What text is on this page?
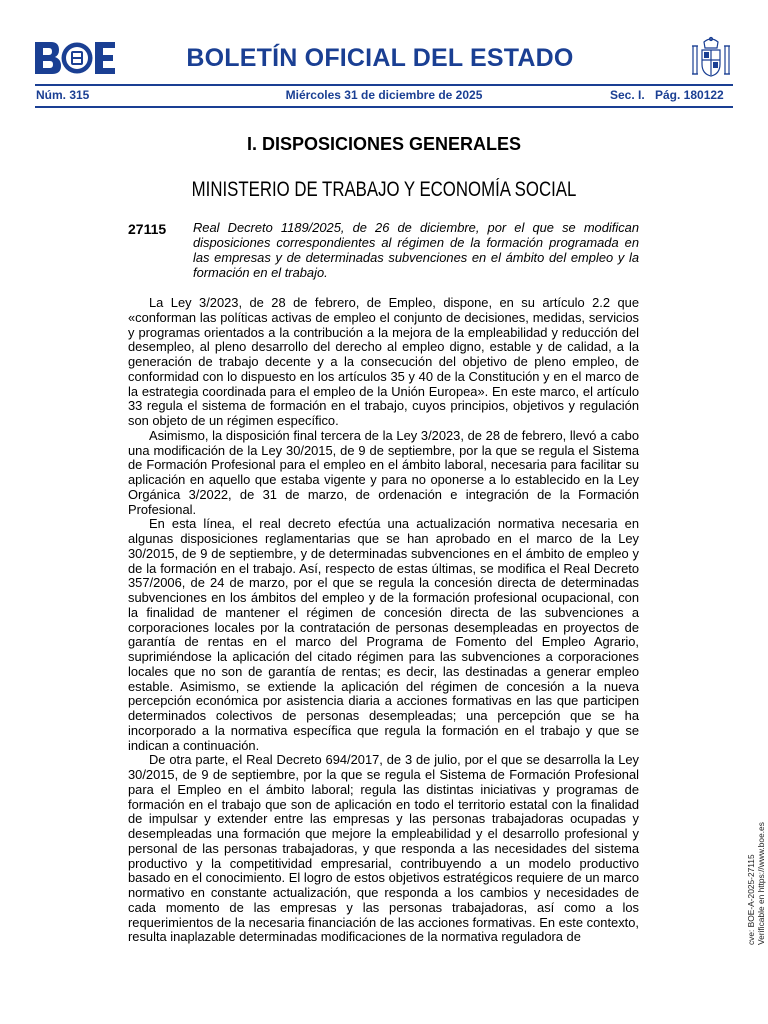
BOLETÍN OFICIAL DEL ESTADO
Núm. 315	Miércoles 31 de diciembre de 2025	Sec. I. Pág. 180122
I. DISPOSICIONES GENERALES
MINISTERIO DE TRABAJO Y ECONOMÍA SOCIAL
27115 Real Decreto 1189/2025, de 26 de diciembre, por el que se modifican disposiciones correspondientes al régimen de la formación programada en las empresas y de determinadas subvenciones en el ámbito del empleo y la formación en el trabajo.

La Ley 3/2023, de 28 de febrero, de Empleo, dispone, en su artículo 2.2 que «conforman las políticas activas de empleo el conjunto de decisiones, medidas, servicios y programas orientados a la contribución a la mejora de la empleabilidad y reducción del desempleo, al pleno desarrollo del derecho al empleo digno, estable y de calidad, a la generación de trabajo decente y a la consecución del objetivo de pleno empleo, de conformidad con lo dispuesto en los artículos 35 y 40 de la Constitución y en el marco de la estrategia coordinada para el empleo de la Unión Europea». En este marco, el artículo 33 regula el sistema de formación en el trabajo, cuyos principios, objetivos y regulación son objeto de un régimen específico.

Asimismo, la disposición final tercera de la Ley 3/2023, de 28 de febrero, llevó a cabo una modificación de la Ley 30/2015, de 9 de septiembre, por la que se regula el Sistema de Formación Profesional para el empleo en el ámbito laboral, necesaria para facilitar su aplicación en aquello que estaba vigente y para no oponerse a lo establecido en la Ley Orgánica 3/2022, de 31 de marzo, de ordenación e integración de la Formación Profesional.

En esta línea, el real decreto efectúa una actualización normativa necesaria en algunas disposiciones reglamentarias que se han aprobado en el marco de la Ley 30/2015, de 9 de septiembre, y de determinadas subvenciones en el ámbito de empleo y de la formación en el trabajo. Así, respecto de estas últimas, se modifica el Real Decreto 357/2006, de 24 de marzo, por el que se regula la concesión directa de determinadas subvenciones en los ámbitos del empleo y de la formación profesional ocupacional, con la finalidad de mantener el régimen de concesión directa de las subvenciones a corporaciones locales por la contratación de personas desempleadas en proyectos de garantía de rentas en el marco del Programa de Fomento del Empleo Agrario, suprimiéndose la aplicación del citado régimen para las subvenciones a corporaciones locales que no son de garantía de rentas; es decir, las destinadas a generar empleo estable. Asimismo, se extiende la aplicación del régimen de concesión a la nueva percepción económica por asistencia diaria a acciones formativas en las que participen determinados colectivos de personas desempleadas; una percepción que se ha incorporado a la normativa específica que regula la formación en el trabajo y que se indican a continuación.

De otra parte, el Real Decreto 694/2017, de 3 de julio, por el que se desarrolla la Ley 30/2015, de 9 de septiembre, por la que se regula el Sistema de Formación Profesional para el Empleo en el ámbito laboral; regula las distintas iniciativas y programas de formación en el trabajo que son de aplicación en todo el territorio estatal con la finalidad de impulsar y extender entre las empresas y las personas trabajadoras ocupadas y desempleadas una formación que mejore la empleabilidad y el desarrollo profesional y personal de las personas trabajadoras, y que responda a las necesidades del sistema productivo y la competitividad empresarial, contribuyendo a un modelo productivo basado en el conocimiento. El logro de estos objetivos estratégicos requiere de un marco normativo en constante actualización, que responda a los cambios y necesidades de cada momento de las empresas y las personas trabajadoras, así como a los requerimientos de la necesaria financiación de las acciones formativas. En este contexto, resulta inaplazable determinadas modificaciones de la normativa reguladora de	cve: BOE-A-2025-27115 Verificable en https://www.boe.es
